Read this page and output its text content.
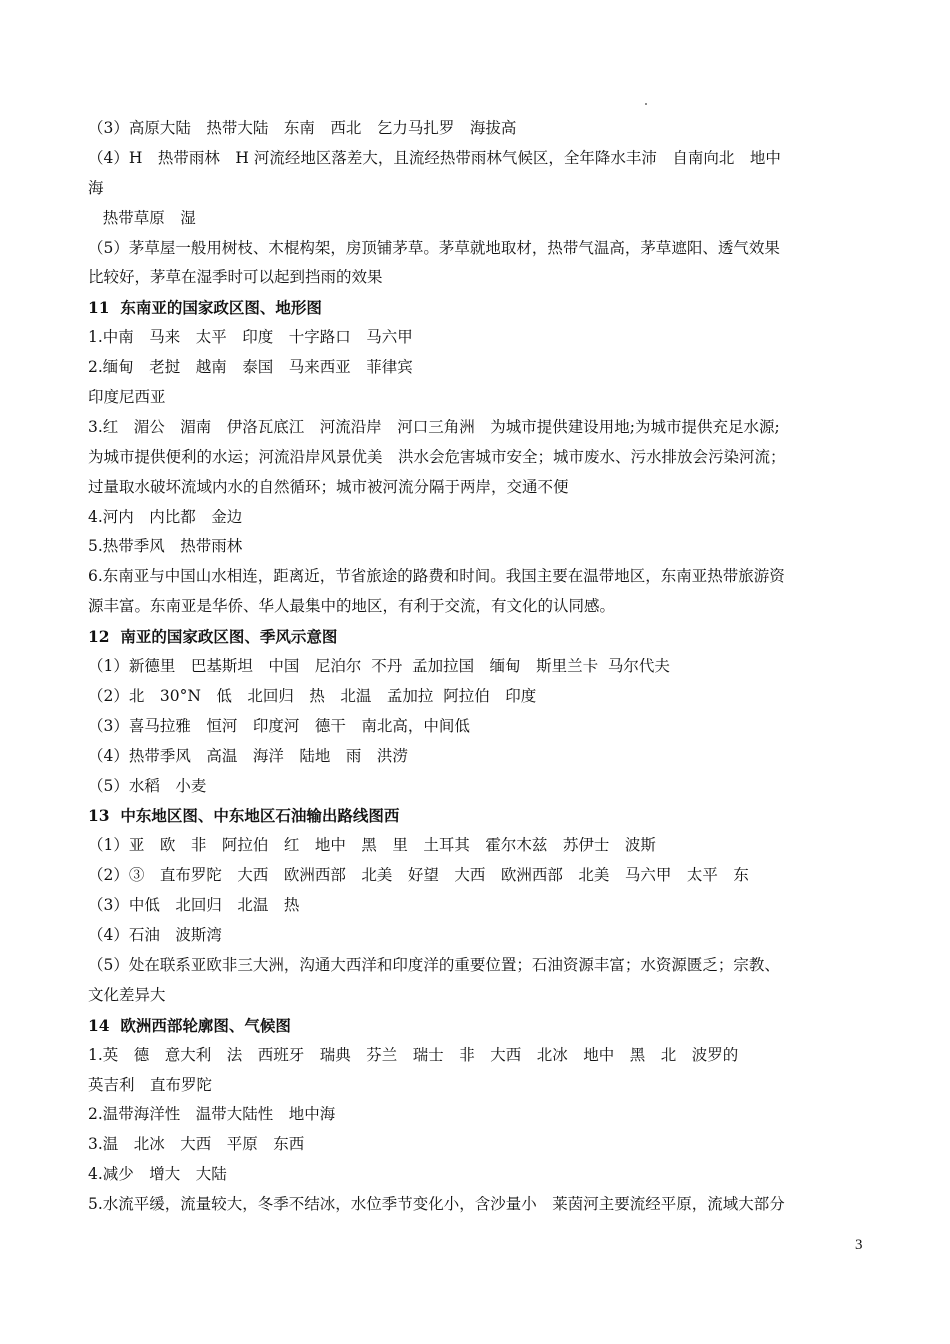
（3）高原大陆　热带大陆　东南　西北　乞力马扎罗　海拔高
（4）H　热带雨林　H 河流经地区落差大，且流经热带雨林气候区，全年降水丰沛　自南向北　地中
海
热带草原　湿
（5）茅草屋一般用树枝、木棍构架，房顶铺茅草。茅草就地取材，热带气温高，茅草遮阳、透气效果
比较好，茅草在湿季时可以起到挡雨的效果
11  东南亚的国家政区图、地形图
1.中南　马来　太平　印度　十字路口　马六甲
2.缅甸　老挝　越南　泰国　马来西亚　菲律宾
印度尼西亚
3.红　湄公　湄南　伊洛瓦底江　河流沿岸　河口三角洲　为城市提供建设用地;为城市提供充足水源;
为城市提供便利的水运；河流沿岸风景优美　洪水会危害城市安全；城市废水、污水排放会污染河流；
过量取水破坏流域内水的自然循环；城市被河流分隔于两岸，交通不便
4.河内　内比都　金边
5.热带季风　热带雨林
6.东南亚与中国山水相连，距离近，节省旅途的路费和时间。我国主要在温带地区，东南亚热带旅游资
源丰富。东南亚是华侨、华人最集中的地区，有利于交流，有文化的认同感。
12  南亚的国家政区图、季风示意图
（1）新德里　巴基斯坦　中国　尼泊尔  不丹  孟加拉国　缅甸　斯里兰卡  马尔代夫
（2）北　30°N　低　北回归　热　北温　孟加拉  阿拉伯　印度
（3）喜马拉雅　恒河　印度河　德干　南北高，中间低
（4）热带季风　高温　海洋　陆地　雨　洪涝
（5）水稻　小麦
13  中东地区图、中东地区石油输出路线图西
（1）亚　欧　非　阿拉伯　红　地中　黑　里　土耳其　霍尔木兹　苏伊士　波斯
（2）③　直布罗陀　大西　欧洲西部　北美　好望　大西　欧洲西部　北美　马六甲　太平　东
（3）中低　北回归　北温　热
（4）石油　波斯湾
（5）处在联系亚欧非三大洲，沟通大西洋和印度洋的重要位置；石油资源丰富；水资源匮乏；宗教、
文化差异大
14  欧洲西部轮廓图、气候图
1.英　德　意大利　法　西班牙　瑞典　芬兰　瑞士　非　大西　北冰　地中　黑　北　波罗的
英吉利　直布罗陀
2.温带海洋性　温带大陆性　地中海
3.温　北冰　大西　平原　东西
4.减少　增大　大陆
5.水流平缓，流量较大，冬季不结冰，水位季节变化小，含沙量小　莱茵河主要流经平原，流域大部分
3
